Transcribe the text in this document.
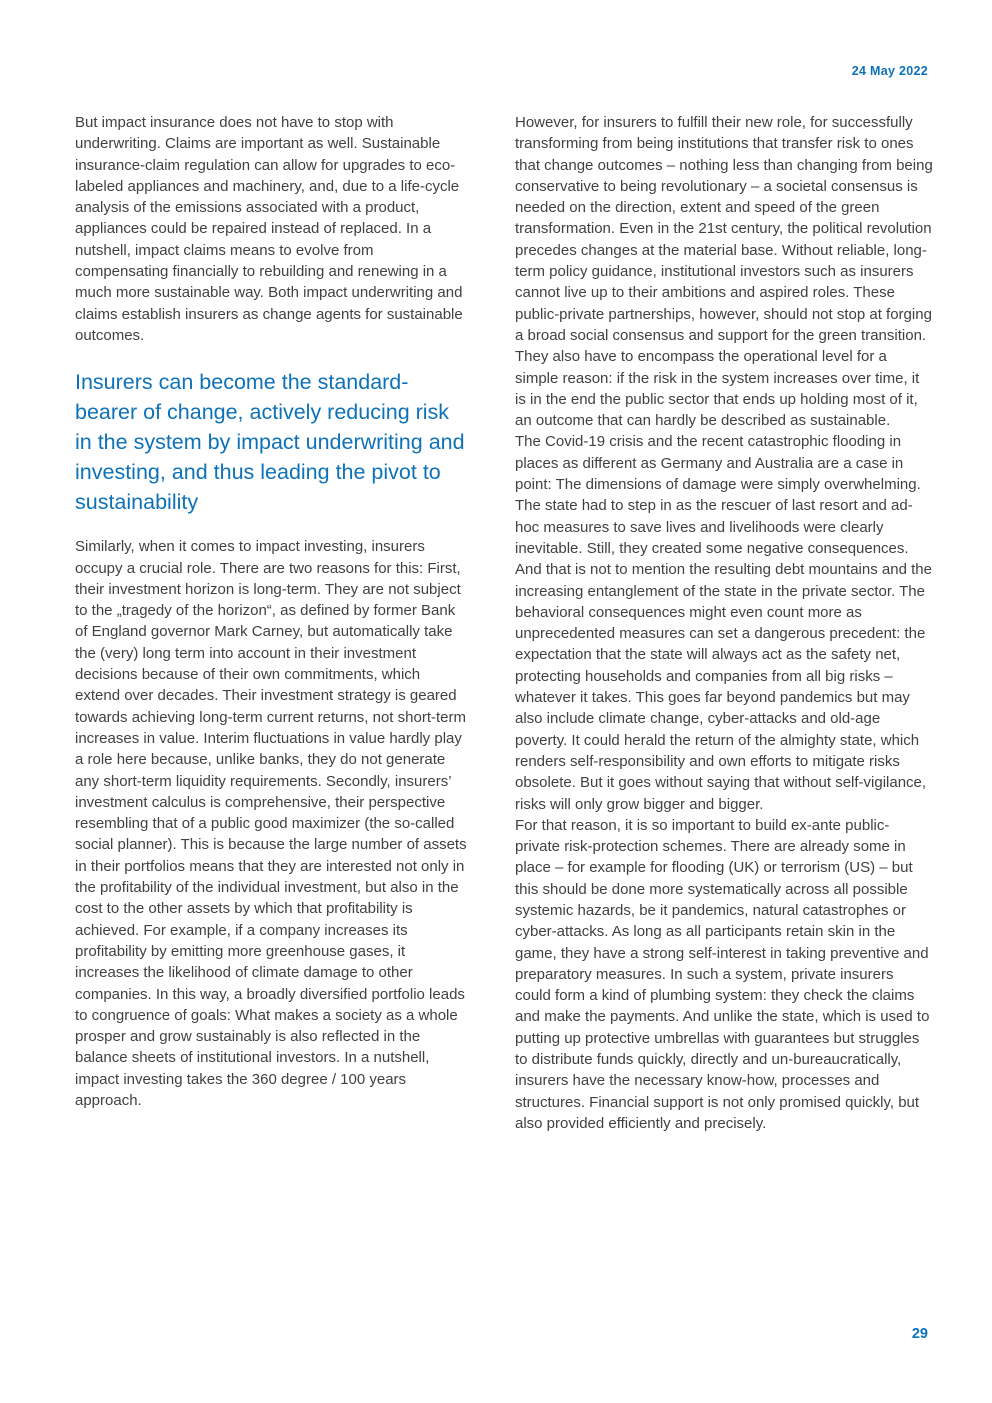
24 May 2022

But impact insurance does not have to stop with underwriting. Claims are important as well. Sustainable insurance-claim regulation can allow for upgrades to eco-labeled appliances and machinery, and, due to a life-cycle analysis of the emissions associated with a product, appliances could be repaired instead of replaced. In a nutshell, impact claims means to evolve from compensating financially to rebuilding and renewing in a much more sustainable way. Both impact underwriting and claims establish insurers as change agents for sustainable outcomes.

Insurers can become the standard-bearer of change, actively reducing risk in the system by impact underwriting and investing, and thus leading the pivot to sustainability

Similarly, when it comes to impact investing, insurers occupy a crucial role. There are two reasons for this: First, their investment horizon is long-term. They are not subject to the „tragedy of the horizon“, as defined by former Bank of England governor Mark Carney, but automatically take the (very) long term into account in their investment decisions because of their own commitments, which extend over decades. Their investment strategy is geared towards achieving long-term current returns, not short-term increases in value. Interim fluctuations in value hardly play a role here because, unlike banks, they do not generate any short-term liquidity requirements. Secondly, insurers’ investment calculus is comprehensive, their perspective resembling that of a public good maximizer (the so-called social planner). This is because the large number of assets in their portfolios means that they are interested not only in the profitability of the individual investment, but also in the cost to the other assets by which that profitability is achieved. For example, if a company increases its profitability by emitting more greenhouse gases, it increases the likelihood of climate damage to other companies. In this way, a broadly diversified portfolio leads to congruence of goals: What makes a society as a whole prosper and grow sustainably is also reflected in the balance sheets of institutional investors. In a nutshell, impact investing takes the 360 degree / 100 years approach.

However, for insurers to fulfill their new role, for successfully transforming from being institutions that transfer risk to ones that change outcomes – nothing less than changing from being conservative to being revolutionary – a societal consensus is needed on the direction, extent and speed of the green transformation. Even in the 21st century, the political revolution precedes changes at the material base. Without reliable, long-term policy guidance, institutional investors such as insurers cannot live up to their ambitions and aspired roles. These public-private partnerships, however, should not stop at forging a broad social consensus and support for the green transition. They also have to encompass the operational level for a simple reason: if the risk in the system increases over time, it is in the end the public sector that ends up holding most of it, an outcome that can hardly be described as sustainable.

The Covid-19 crisis and the recent catastrophic flooding in places as different as Germany and Australia are a case in point: The dimensions of damage were simply overwhelming. The state had to step in as the rescuer of last resort and ad-hoc measures to save lives and livelihoods were clearly inevitable. Still, they created some negative consequences. And that is not to mention the resulting debt mountains and the increasing entanglement of the state in the private sector. The behavioral consequences might even count more as unprecedented measures can set a dangerous precedent: the expectation that the state will always act as the safety net, protecting households and companies from all big risks – whatever it takes. This goes far beyond pandemics but may also include climate change, cyber-attacks and old-age poverty. It could herald the return of the almighty state, which renders self-responsibility and own efforts to mitigate risks obsolete. But it goes without saying that without self-vigilance, risks will only grow bigger and bigger.

For that reason, it is so important to build ex-ante public-private risk-protection schemes. There are already some in place – for example for flooding (UK) or terrorism (US) – but this should be done more systematically across all possible systemic hazards, be it pandemics, natural catastrophes or cyber-attacks. As long as all participants retain skin in the game, they have a strong self-interest in taking preventive and preparatory measures. In such a system, private insurers could form a kind of plumbing system: they check the claims and make the payments. And unlike the state, which is used to putting up protective umbrellas with guarantees but struggles to distribute funds quickly, directly and un-bureaucratically, insurers have the necessary know-how, processes and structures. Financial support is not only promised quickly, but also provided efficiently and precisely.

29
